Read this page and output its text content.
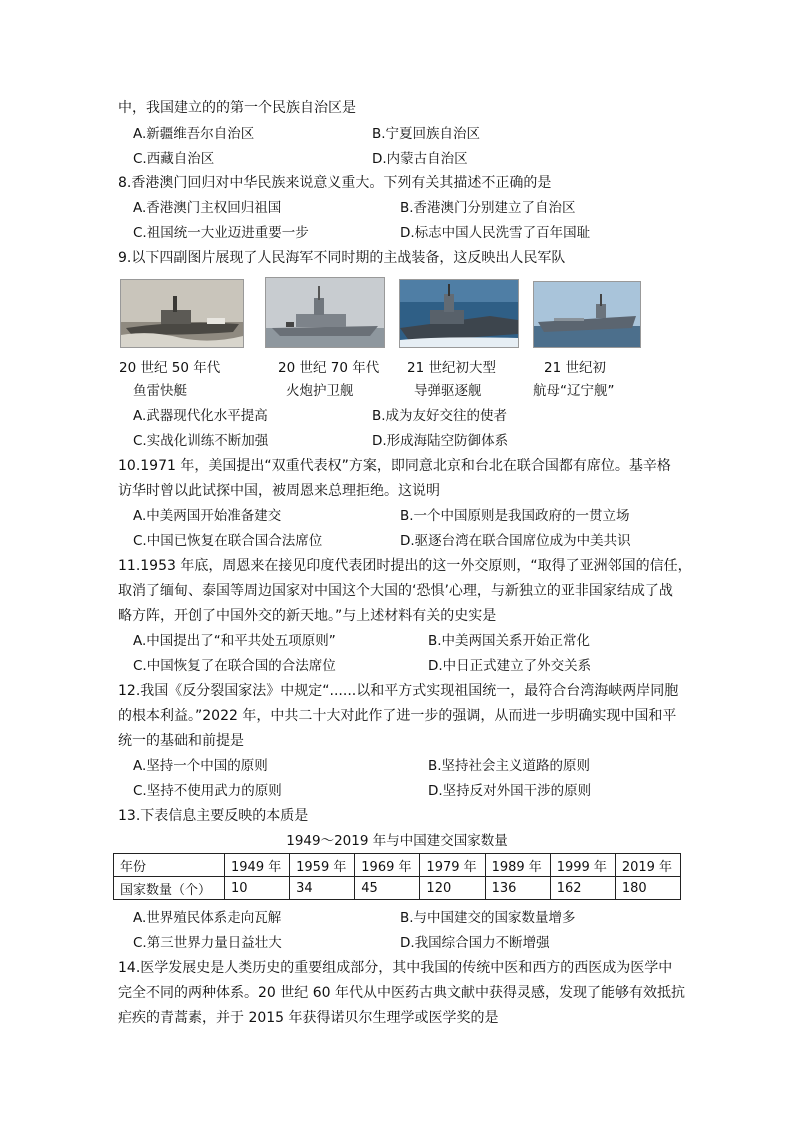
中，我国建立的的第一个民族自治区是
A.新疆维吾尔自治区	B.宁夏回族自治区
C.西藏自治区	D.内蒙古自治区
8.香港澳门回归对中华民族来说意义重大。下列有关其描述不正确的是
A.香港澳门主权回归祖国	B.香港澳门分别建立了自治区
C.祖国统一大业迈进重要一步	D.标志中国人民洗雪了百年国耻
9.以下四副图片展现了人民海军不同时期的主战装备，这反映出人民军队
20 世纪 50 年代	20 世纪 70 年代 21 世纪初大型	21 世纪初
鱼雷快艇	火炮护卫舰	导弹驱逐舰	航母“辽宁舰”
A.武器现代化水平提高	B.成为友好交往的使者
C.实战化训练不断加强	D.形成海陆空防御体系
10.1971 年，美国提出“双重代表权”方案，即同意北京和台北在联合国都有席位。基辛格
访华时曾以此试探中国，被周恩来总理拒绝。这说明
A.中美两国开始准备建交	B.一个中国原则是我国政府的一贯立场
C.中国已恢复在联合国合法席位	D.驱逐台湾在联合国席位成为中美共识
11.1953 年底，周恩来在接见印度代表团时提出的这一外交原则，“取得了亚洲邻国的信任，
取消了缅甸、泰国等周边国家对中国这个大国的‘恐惧’心理，与新独立的亚非国家结成了战
略方阵，开创了中国外交的新天地。”与上述材料有关的史实是
A.中国提出了“和平共处五项原则”	B.中美两国关系开始正常化
C.中国恢复了在联合国的合法席位	D.中日正式建立了外交关系
12.我国《反分裂国家法》中规定“......以和平方式实现祖国统一，最符合台湾海峡两岸同胞
的根本利益。”2022 年，中共二十大对此作了进一步的强调，从而进一步明确实现中国和平
统一的基础和前提是
A.坚持一个中国的原则	B.坚持社会主义道路的原则
C.坚持不使用武力的原则	D.坚持反对外国干涉的原则
13.下表信息主要反映的本质是
1949～2019 年与中国建交国家数量
年份	1949 年	1959 年	1969 年	1979 年	1989 年	1999 年	2019 年
国家数量（个）	10	34	45	120	136	162	180
A.世界殖民体系走向瓦解	B.与中国建交的国家数量增多
C.第三世界力量日益壮大	D.我国综合国力不断增强
14.医学发展史是人类历史的重要组成部分，其中我国的传统中医和西方的西医成为医学中
完全不同的两种体系。20 世纪 60 年代从中医药古典文献中获得灵感，发现了能够有效抵抗
疟疾的青蒿素，并于 2015 年获得诺贝尔生理学或医学奖的是
